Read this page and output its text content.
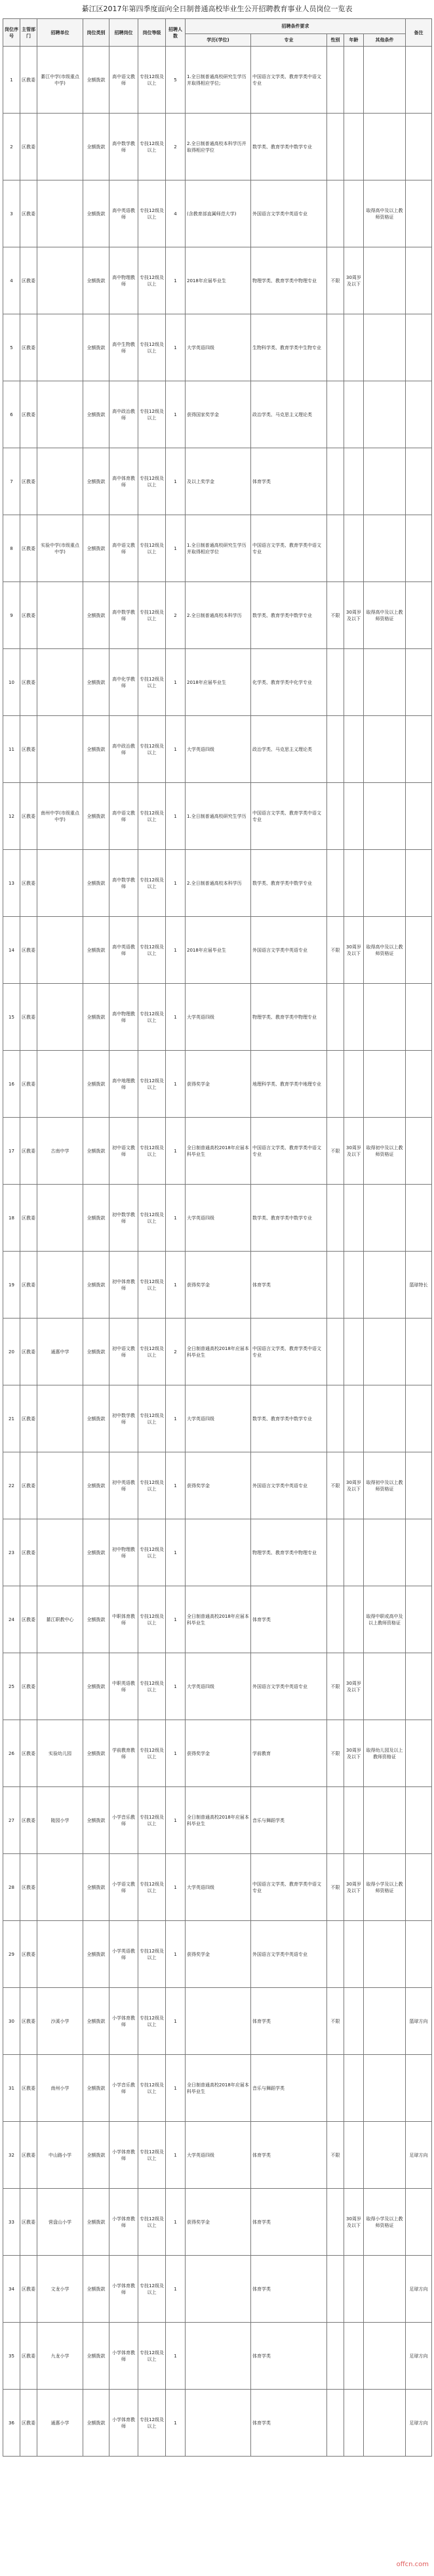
綦江区2017年第四季度面向全日制普通高校毕业生公开招聘教育事业人员岗位一览表
岗位序号	主管部门	招聘单位	岗位类别	招聘岗位	岗位等级	招聘人数	招聘条件要求					备注
							学历(学位)	专业	性别	年龄	其他条件	
1	区教委	綦江中学(市级重点中学)	全额拨款	高中语文教师	专技12级及以上	5	1.全日制普通高校研究生学历并取得相应学位;	中国语言文学类、教育学类中语文专业				
2	区教委		全额拨款	高中数学教师	专技12级及以上	2	2.全日制普通高校本科学历并取得相应学位	数学类、教育学类中数学专业				
3	区教委		全额拨款	高中英语教师	专技12级及以上	4	(含教育部直属师范大学)	外国语言文学类中英语专业			取得高中及以上教师资格证	
4	区教委		全额拨款	高中物理教师	专技12级及以上	1	2018年应届毕业生	物理学类、教育学类中物理专业	不限	30周岁及以下		
5	区教委		全额拨款	高中生物教师	专技12级及以上	1	大学英语四级	生物科学类、教育学类中生物专业				
6	区教委		全额拨款	高中政治教师	专技12级及以上	1	获得国家奖学金	政治学类、马克思主义理论类				
7	区教委		全额拨款	高中体育教师	专技12级及以上	1	及以上奖学金	体育学类				
8	区教委	实验中学(市级重点中学)	全额拨款	高中语文教师	专技12级及以上	1	1.全日制普通高校研究生学历并取得相应学位	中国语言文学类、教育学类中语文专业				
9	区教委		全额拨款	高中数学教师	专技12级及以上	2	2.全日制普通高校本科学历	数学类、教育学类中数学专业	不限	30周岁及以下	取得高中及以上教师资格证	
10	区教委		全额拨款	高中化学教师	专技12级及以上	1	2018年应届毕业生	化学类、教育学类中化学专业				
11	区教委		全额拨款	高中政治教师	专技12级及以上	1	大学英语四级	政治学类、马克思主义理论类				
12	区教委	南州中学(市级重点中学)	全额拨款	高中语文教师	专技12级及以上	1	1.全日制普通高校研究生学历	中国语言文学类、教育学类中语文专业				
13	区教委		全额拨款	高中数学教师	专技12级及以上	1	2.全日制普通高校本科学历	数学类、教育学类中数学专业				
14	区教委		全额拨款	高中英语教师	专技12级及以上	1	2018年应届毕业生	外国语言文学类中英语专业	不限	30周岁及以下	取得高中及以上教师资格证	
15	区教委		全额拨款	高中物理教师	专技12级及以上	1	大学英语四级	物理学类、教育学类中物理专业				
16	区教委		全额拨款	高中地理教师	专技12级及以上	1	获得奖学金	地理科学类、教育学类中地理专业				
17	区教委	古南中学	全额拨款	初中语文教师	专技12级及以上	1	全日制普通高校2018年应届本科毕业生	中国语言文学类、教育学类中语文专业	不限	30周岁及以下	取得初中及以上教师资格证	
18	区教委		全额拨款	初中数学教师	专技12级及以上	1	大学英语四级	数学类、教育学类中数学专业				
19	区教委		全额拨款	初中体育教师	专技12级及以上	1	获得奖学金	体育学类				篮球特长
20	区教委	通惠中学	全额拨款	初中语文教师	专技12级及以上	2	全日制普通高校2018年应届本科毕业生	中国语言文学类、教育学类中语文专业				
21	区教委		全额拨款	初中数学教师	专技12级及以上	1	大学英语四级	数学类、教育学类中数学专业				
22	区教委		全额拨款	初中英语教师	专技12级及以上	1	获得奖学金	外国语言文学类中英语专业	不限	30周岁及以下	取得初中及以上教师资格证	
23	区教委		全额拨款	初中物理教师	专技12级及以上	1		物理学类、教育学类中物理专业				
24	区教委	綦江职教中心	全额拨款	中职体育教师	专技12级及以上	1	全日制普通高校2018年应届本科毕业生	体育学类			取得中职或高中及以上教师资格证	
25	区教委		全额拨款	中职英语教师	专技12级及以上	1	大学英语四级	外国语言文学类中英语专业	不限	30周岁及以下		
26	区教委	实验幼儿园	全额拨款	学前教育教师	专技12级及以上	1	获得奖学金	学前教育	不限	30周岁及以下	取得幼儿园及以上教师资格证	
27	区教委	陵园小学	全额拨款	小学音乐教师	专技12级及以上	1	全日制普通高校2018年应届本科毕业生	音乐与舞蹈学类				
28	区教委		全额拨款	小学语文教师	专技12级及以上	1	大学英语四级	中国语言文学类、教育学类中语文专业	不限	30周岁及以下	取得小学及以上教师资格证	
29	区教委		全额拨款	小学英语教师	专技12级及以上	1	获得奖学金	外国语言文学类中英语专业				
30	区教委	沙溪小学	全额拨款	小学体育教师	专技12级及以上	1		体育学类	不限			篮球方向
31	区教委	南州小学	全额拨款	小学音乐教师	专技12级及以上	1	全日制普通高校2018年应届本科毕业生	音乐与舞蹈学类				
32	区教委	中山路小学	全额拨款	小学体育教师	专技12级及以上	1	大学英语四级	体育学类	不限			足球方向
33	区教委	营盘山小学	全额拨款	小学体育教师	专技12级及以上	1	获得奖学金	体育学类		30周岁及以下	取得小学及以上教师资格证	
34	区教委	文龙小学	全额拨款	小学体育教师	专技12级及以上	1		体育学类				足球方向
35	区教委	九龙小学	全额拨款	小学体育教师	专技12级及以上	1		体育学类				足球方向
36	区教委	通惠小学	全额拨款	小学体育教师	专技12级及以上	1		体育学类				足球方向
offcn.com
